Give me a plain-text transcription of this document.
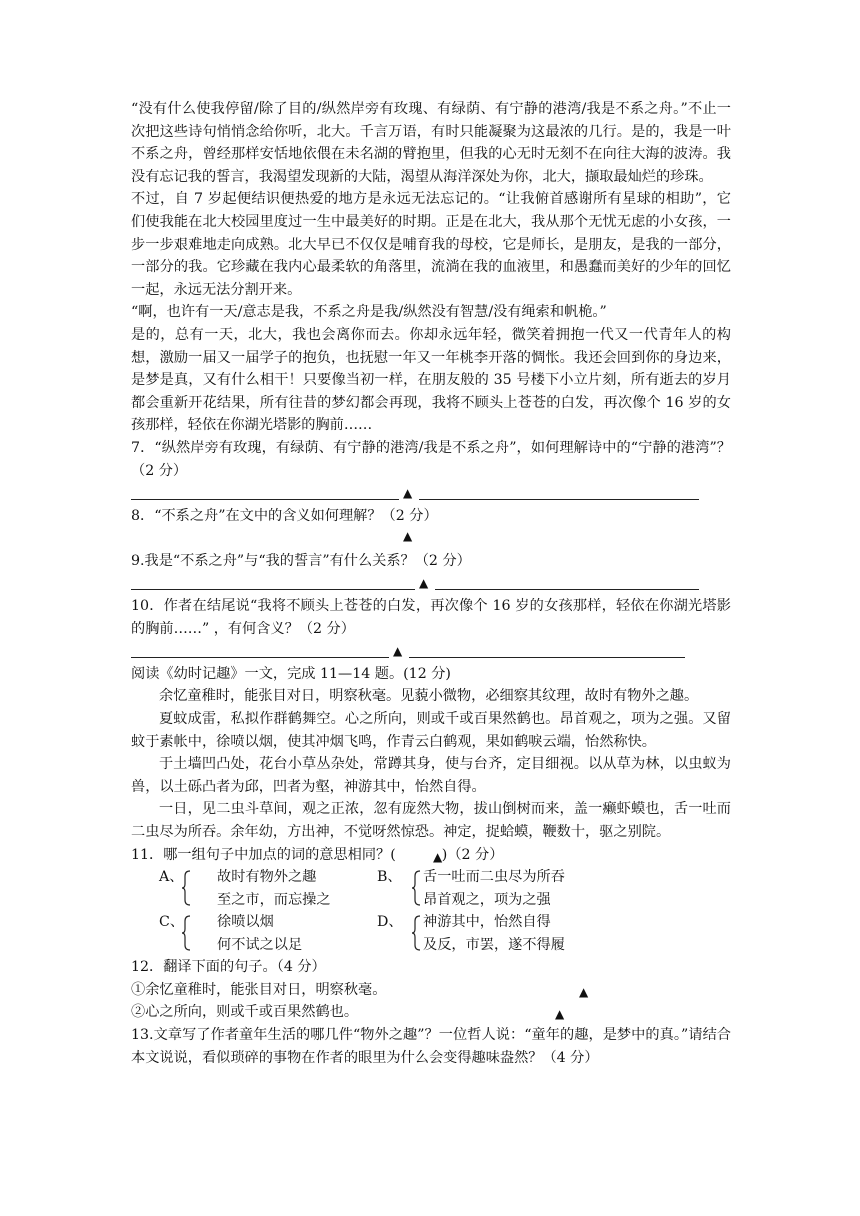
“没有什么使我停留/除了目的/纵然岸旁有玫瑰、有绿荫、有宁静的港湾/我是不系之舟。”不止一次把这些诗句悄悄念给你听，北大。千言万语，有时只能凝聚为这最浓的几行。是的，我是一叶不系之舟，曾经那样安恬地依偎在未名湖的臂抱里，但我的心无时无刻不在向往大海的波涛。我没有忘记我的誓言，我渴望发现新的大陆，渴望从海洋深处为你，北大，撷取最灿烂的珍珠。

不过，自 7 岁起便结识便热爱的地方是永远无法忘记的。“让我俯首感谢所有星球的相助”，它们使我能在北大校园里度过一生中最美好的时期。正是在北大，我从那个无忧无虑的小女孩，一步一步艰难地走向成熟。北大早已不仅仅是哺育我的母校，它是师长，是朋友，是我的一部分，一部分的我。它珍藏在我内心最柔软的角落里，流淌在我的血液里，和愚蠢而美好的少年的回忆一起，永远无法分割开来。

“啊，也许有一天/意志是我，不系之舟是我/纵然没有智慧/没有绳索和帆桅。”

是的，总有一天，北大，我也会离你而去。你却永远年轻，微笑着拥抱一代又一代青年人的构想，激励一届又一届学子的抱负，也抚慰一年又一年桃李开落的惆怅。我还会回到你的身边来，是梦是真，又有什么相干！只要像当初一样，在朋友般的 35 号楼下小立片刻，所有逝去的岁月都会重新开花结果，所有往昔的梦幻都会再现，我将不顾头上苍苍的白发，再次像个 16 岁的女孩那样，轻依在你湖光塔影的胸前……

7．“纵然岸旁有玫瑰，有绿荫、有宁静的港湾/我是不系之舟”，如何理解诗中的“宁静的港湾”？（2 分）

▲

8．“不系之舟”在文中的含义如何理解？（2 分）

▲

9.我是“不系之舟”与“我的誓言”有什么关系？（2 分）

▲

10．作者在结尾说“我将不顾头上苍苍的白发，再次像个 16 岁的女孩那样，轻依在你湖光塔影的胸前……” ，有何含义？（2 分）

▲

阅读《幼时记趣》一文，完成 11—14 题。(12 分)

余忆童稚时，能张目对日，明察秋毫。见藐小微物，必细察其纹理，故时有物外之趣。

夏蚊成雷，私拟作群鹤舞空。心之所向，则或千或百果然鹤也。昂首观之，项为之强。又留蚊于素帐中，徐喷以烟，使其冲烟飞鸣，作青云白鹤观，果如鹤唳云端，怡然称快。

于土墙凹凸处，花台小草丛杂处，常蹲其身，使与台齐，定目细视。以从草为林，以虫蚁为兽，以土砾凸者为邱，凹者为壑，神游其中，怡然自得。

一日，见二虫斗草间，观之正浓，忽有庞然大物，拔山倒树而来，盖一癞虾蟆也，舌一吐而二虫尽为所吞。余年幼，方出神，不觉呀然惊恐。神定，捉蛤蟆，鞭数十，驱之别院。

11．哪一组句子中加点的词的意思相同？(	)（2 分）
▲
A、 故时有物外之趣
至之市，而忘操之
B、 舌一吐而二虫尽为所吞
昂首观之，项为之强
C、 徐喷以烟
何不试之以足
D、 神游其中，怡然自得
及反，市罢，遂不得履

12．翻译下面的句子。（4 分）

①余忆童稚时，能张目对日，明察秋毫。	▲
②心之所向，则或千或百果然鹤也。	▲

13.文章写了作者童年生活的哪几件“物外之趣”？一位哲人说：“童年的趣，是梦中的真。”请结合本文说说，看似琐碎的事物在作者的眼里为什么会变得趣味盎然？（4 分）
